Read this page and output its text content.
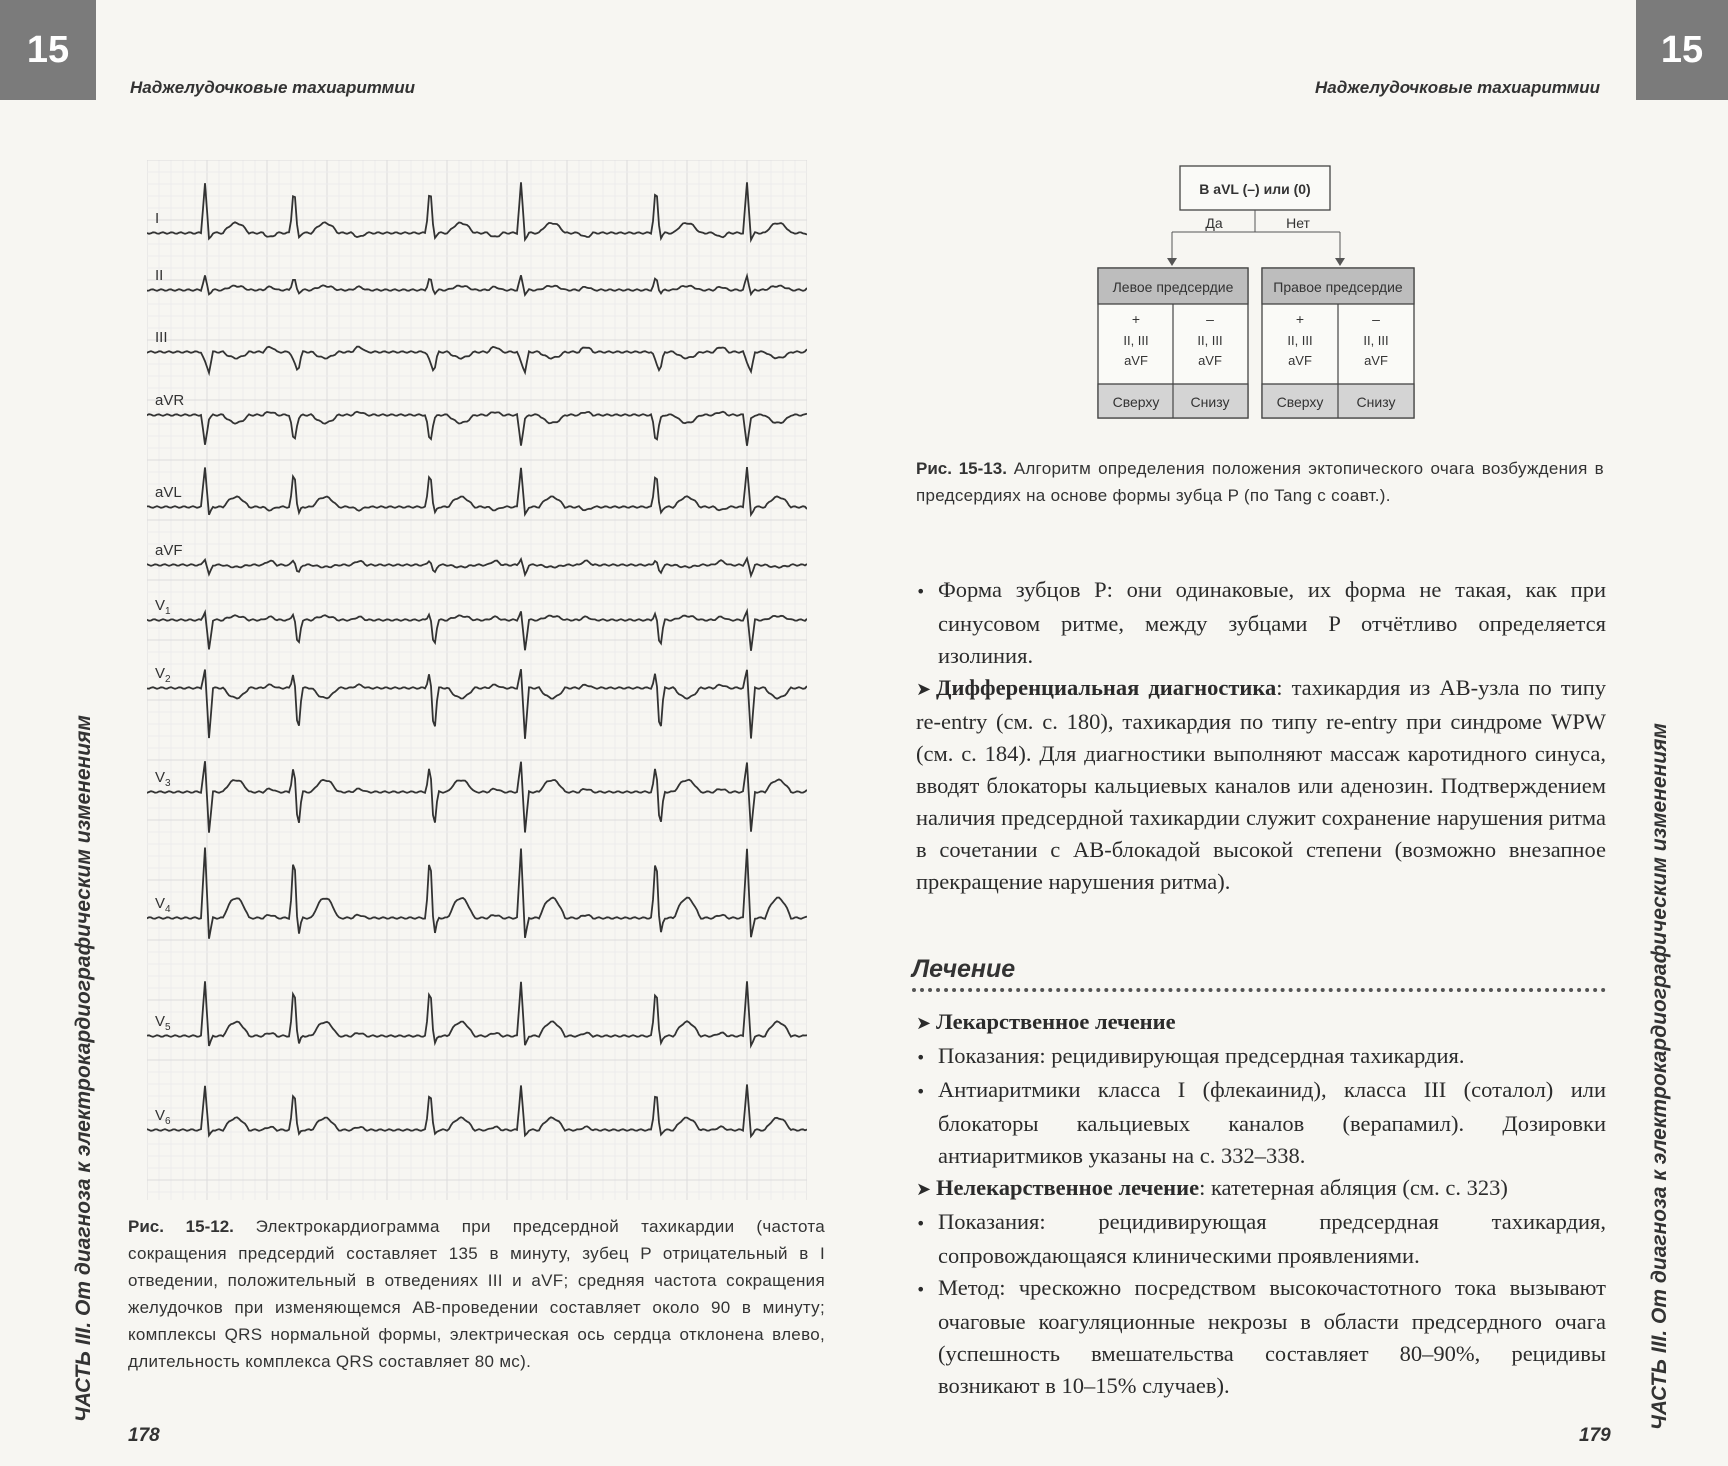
15
Наджелудочковые тахиаритмии
ЧАСТЬ III. От диагноза к электрокардиографическим изменениям
I
II
III
aVR
aVL
aVF
$V_1$
$V_2$
$V_3$
$V_4$
$V_5$
$V_6$
Рис. 15-12. Электрокардиограмма при предсердной тахикардии (частота сокращения предсердий составляет 135 в минуту, зубец P отрицательный в I отведении, положительный в отведениях III и aVF; средняя частота сокращения желудочков при изменяющемся АВ-проведении составляет около 90 в минуту; комплексы QRS нормальной формы, электрическая ось сердца отклонена влево, длительность комплекса QRS составляет 80 мс).
178
15
Наджелудочковые тахиаритмии
В aVL (–) или (0)
Да	Нет
Левое предсердие
+
II, III
aVF
–
II, III
aVF
Сверху Снизу
Правое предсердие
+
II, III
aVF
–
II, III
aVF
Сверху Снизу
Рис. 15-13. Алгоритм определения положения эктопического очага возбуждения в предсердиях на основе формы зубца P (по Tang с соавт.).

• Форма зубцов P: они одинаковые, их форма не такая, как при синусовом ритме, между зубцами P отчётливо определяется изолиния.

➤ Дифференциальная диагностика: тахикардия из АВ-узла по типу re-entry (см. с. 180), тахикардия по типу re-entry при синдроме WPW (см. с. 184). Для диагностики выполняют массаж каротидного синуса, вводят блокаторы кальциевых каналов или аденозин. Подтверждением наличия предсердной тахикардии служит сохранение нарушения ритма в сочетании с АВ-блокадой высокой степени (возможно внезапное прекращение нарушения ритма).

Лечение

➤ Лекарственное лечение

• Показания: рецидивирующая предсердная тахикардия.

• Антиаритмики класса I (флекаинид), класса III (соталол) или блокаторы кальциевых каналов (верапамил). Дозировки антиаритмиков указаны на с. 332–338.

➤ Нелекарственное лечение: катетерная абляция (см. с. 323)

• Показания: рецидивирующая предсердная тахикардия, сопровождающаяся клиническими проявлениями.

• Метод: чрескожно посредством высокочастотного тока вызывают очаговые коагуляционные некрозы в области предсердного очага (успешность вмешательства составляет 80–90%, рецидивы возникают в 10–15% случаев).	ЧАСТЬ III. От диагноза к электрокардиографическим изменениям
179
